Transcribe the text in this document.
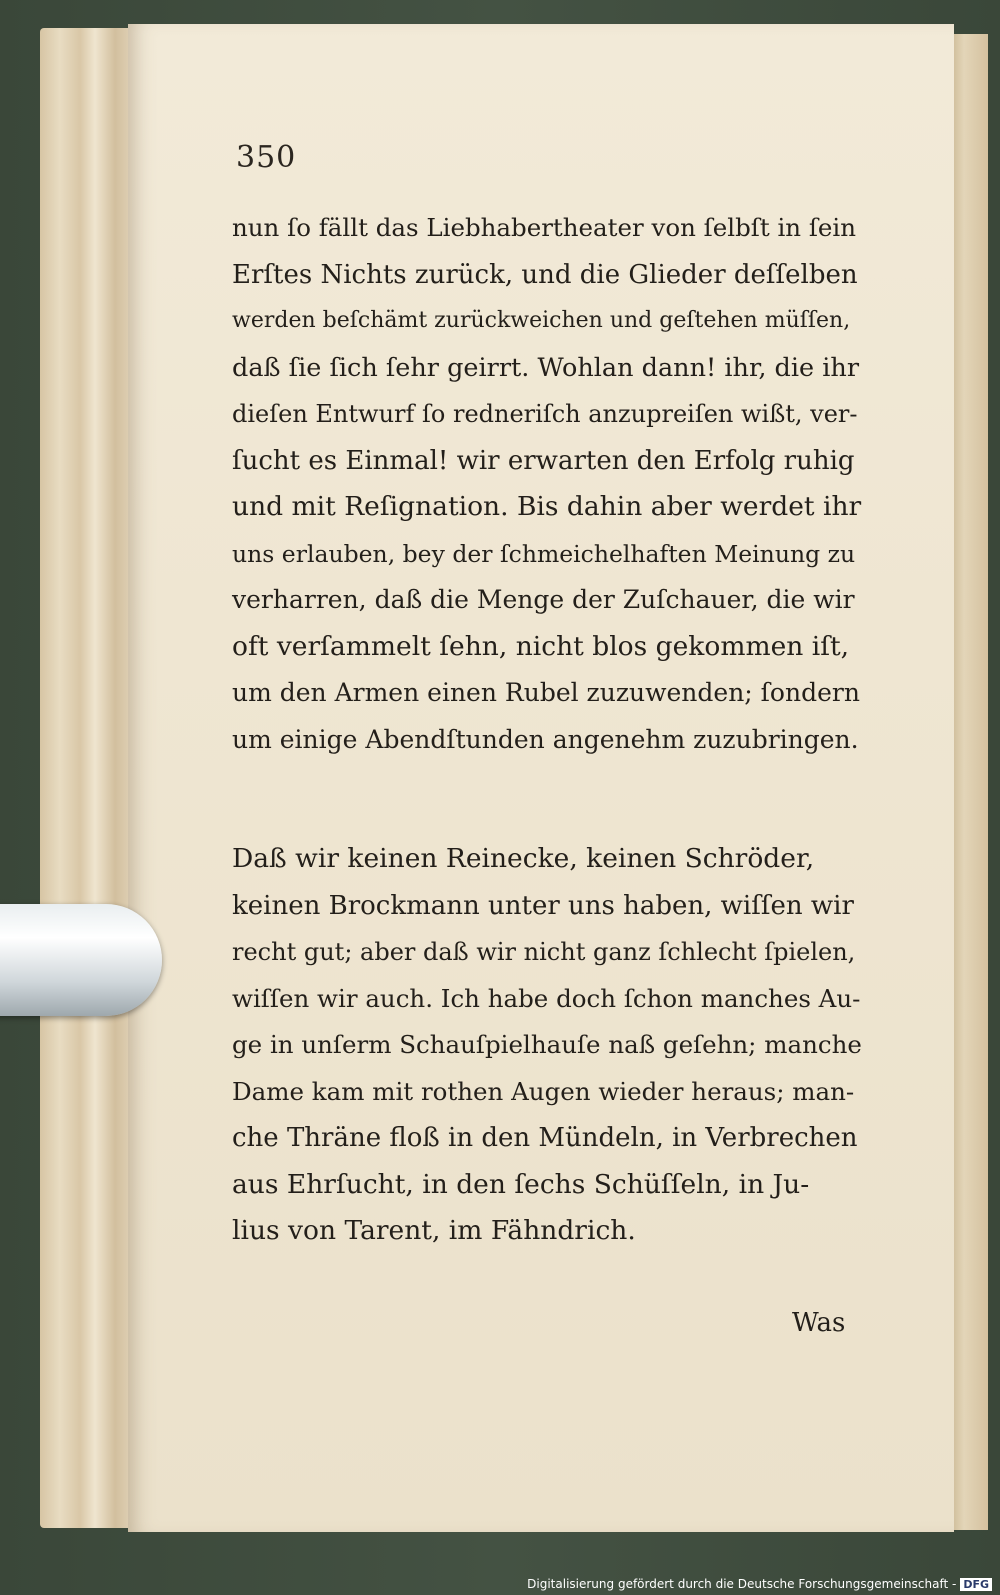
350
nun ſo fällt das Liebhabertheater von ſelbſt in ſein
Erſtes Nichts zurück, und die Glieder deſſelben
werden beſchämt zurückweichen und geſtehen müſſen,
daß ſie ſich ſehr geirrt. Wohlan dann! ihr, die ihr
dieſen Entwurf ſo redneriſch anzupreiſen wißt, ver-
ſucht es Einmal! wir erwarten den Erfolg ruhig
und mit Reſignation. Bis dahin aber werdet ihr
uns erlauben, bey der ſchmeichelhaften Meinung zu
verharren, daß die Menge der Zuſchauer, die wir
oft verſammelt ſehn, nicht blos gekommen iſt,
um den Armen einen Rubel zuzuwenden; ſondern
um einige Abendſtunden angenehm zuzubringen.
Daß wir keinen Reinecke, keinen Schröder,
keinen Brockmann unter uns haben, wiſſen wir
recht gut; aber daß wir nicht ganz ſchlecht ſpielen,
wiſſen wir auch. Ich habe doch ſchon manches Au-
ge in unſerm Schauſpielhauſe naß geſehn; manche
Dame kam mit rothen Augen wieder heraus; man-
che Thräne floß in den Mündeln, in Verbrechen
aus Ehrſucht, in den ſechs Schüſſeln, in Ju-
lius von Tarent, im Fähndrich.
Was
Digitalisierung gefördert durch die Deutsche Forschungsgemeinschaft - DFG
